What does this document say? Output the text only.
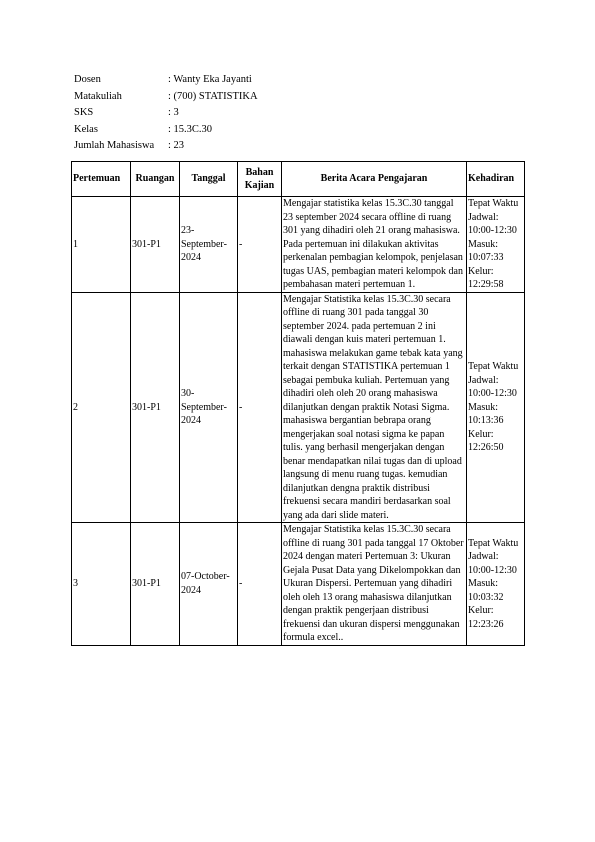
Dosen	: Wanty Eka Jayanti
Matakuliah	: (700) STATISTIKA
SKS	: 3
Kelas	: 15.3C.30
Jumlah Mahasiswa	: 23
Pertemuan	Ruangan	Tanggal	Bahan Kajian	Berita Acara Pengajaran	Kehadiran
1	301-P1	23-September-2024	-	Mengajar statistika kelas 15.3C.30 tanggal 23 september 2024 secara offline di ruang 301 yang dihadiri oleh 21 orang mahasiswa. Pada pertemuan ini dilakukan aktivitas perkenalan pembagian kelompok, penjelasan tugas UAS, pembagian materi kelompok dan pembahasan materi pertemuan 1.	Tepat Waktu Jadwal: 10:00-12:30 Masuk: 10:07:33 Kelur: 12:29:58
2	301-P1	30-September-2024	-	Mengajar Statistika kelas 15.3C.30 secara offline di ruang 301 pada tanggal 30 september 2024. pada pertemuan 2 ini diawali dengan kuis materi pertemuan 1. mahasiswa melakukan game tebak kata yang terkait dengan STATISTIKA pertemuan 1 sebagai pembuka kuliah. Pertemuan yang dihadiri oleh oleh 20 orang mahasiswa dilanjutkan dengan praktik Notasi Sigma. mahasiswa bergantian bebrapa orang mengerjakan soal notasi sigma ke papan tulis. yang berhasil mengerjakan dengan benar mendapatkan nilai tugas dan di upload langsung di menu ruang tugas. kemudian dilanjutkan dengna praktik distribusi frekuensi secara mandiri berdasarkan soal yang ada dari slide materi.	Tepat Waktu Jadwal: 10:00-12:30 Masuk: 10:13:36 Kelur: 12:26:50
3	301-P1	07-October-2024	-	Mengajar Statistika kelas 15.3C.30 secara offline di ruang 301 pada tanggal 17 Oktober 2024 dengan materi Pertemuan 3: Ukuran Gejala Pusat Data yang Dikelompokkan dan Ukuran Dispersi. Pertemuan yang dihadiri oleh oleh 13 orang mahasiswa dilanjutkan dengan praktik pengerjaan distribusi frekuensi dan ukuran dispersi menggunakan formula excel..	Tepat Waktu Jadwal: 10:00-12:30 Masuk: 10:03:32 Kelur: 12:23:26
